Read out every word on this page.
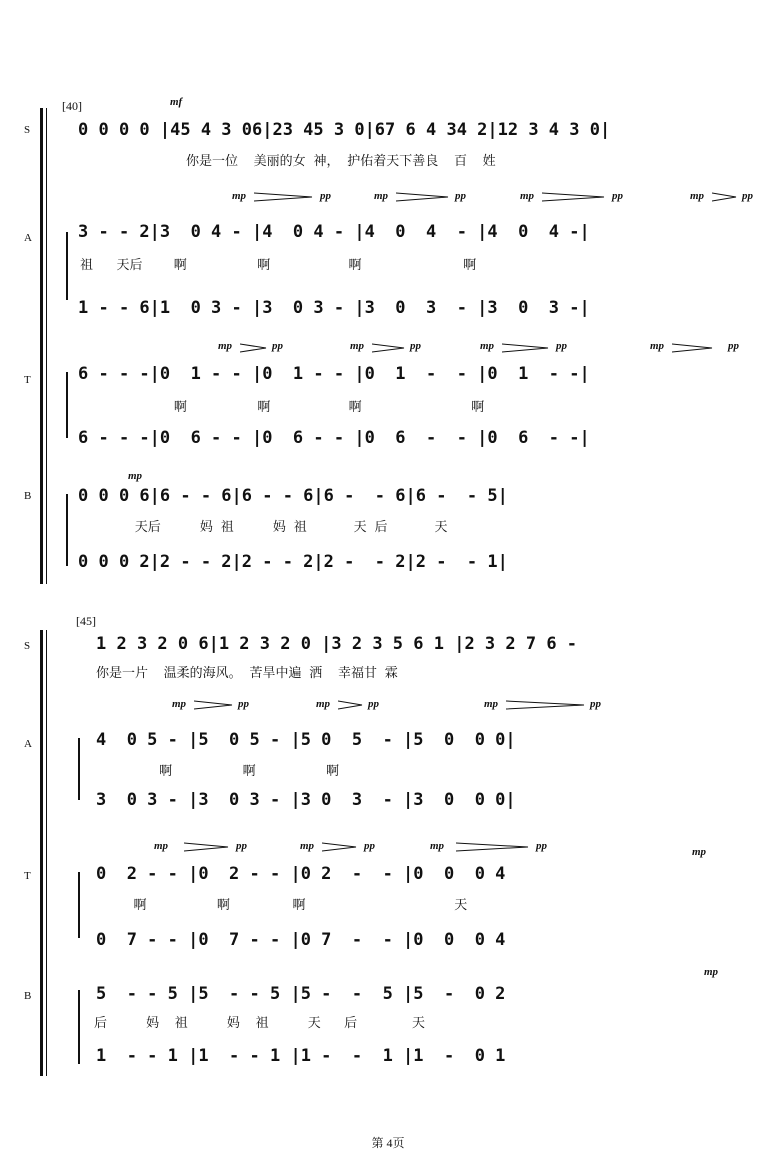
[40]
S
A
T
B
mf
0 0 0 0 |45 4 3 06|23 45 3 0|67 6 4 34 2|12 3 4 3 0|
你是一位  美丽的女 神， 护佑着天下善良  百  姓
mp	pp	mp	pp	mp	pp	mp	pp
3 - - 2|3  0 4 - |4  0 4 - |4  0  4  - |4  0  4 -|
祖   天后    啊         啊          啊             啊
1 - - 6|1  0 3 - |3  0 3 - |3  0  3  - |3  0  3 -|
mp	pp	mp	pp	mp	pp	mp	pp
6 - - -|0  1 - - |0  1 - - |0  1  -  - |0  1  - -|
啊         啊          啊              啊
6 - - -|0  6 - - |0  6 - - |0  6  -  - |0  6  - -|
mp
0 0 0 6|6 - - 6|6 - - 6|6 -  - 6|6 -  - 5|
天后     妈 祖     妈 祖      天 后      天
0 0 0 2|2 - - 2|2 - - 2|2 -  - 2|2 -  - 1|
[45]
S
A
T
B
1 2 3 2 0 6|1 2 3 2 0 |3 2 3 5 6 1 |2 3 2 7 6 -
你是一片  温柔的海风。 苦旱中遍 洒  幸福甘 霖
mp	pp	mp	pp	mp	pp
4  0 5 - |5  0 5 - |5 0  5  - |5  0  0 0|
啊         啊         啊
3  0 3 - |3  0 3 - |3 0  3  - |3  0  0 0|
mp	pp	mp	pp	mp	pp	mp
0  2 - - |0  2 - - |0 2  -  - |0  0  0 4
啊         啊        啊                   天
0  7 - - |0  7 - - |0 7  -  - |0  0  0 4
mp
5  - - 5 |5  - - 5 |5 -  -  5 |5  -  0 2
后     妈  祖     妈  祖     天   后       天
1  - - 1 |1  - - 1 |1 -  -  1 |1  -  0 1
第 4页
